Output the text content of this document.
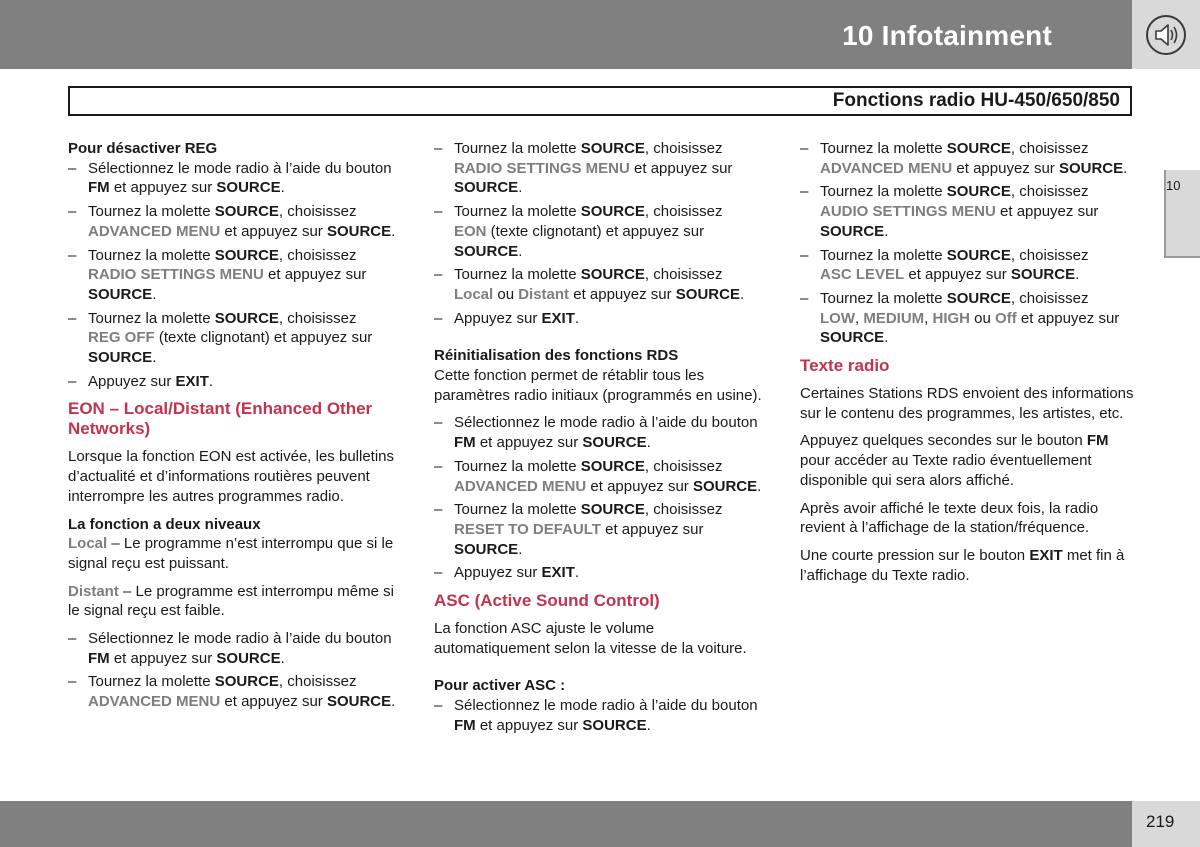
10 Infotainment
Fonctions radio HU-450/650/850
10
Pour désactiver REG
– Sélectionnez le mode radio à l’aide du bouton FM et appuyez sur SOURCE.
– Tournez la molette SOURCE, choisissez
ADVANCED MENU et appuyez sur SOURCE.
– Tournez la molette SOURCE, choisissez
RADIO SETTINGS MENU et appuyez sur SOURCE.
– Tournez la molette SOURCE, choisissez
REG OFF (texte clignotant) et appuyez sur SOURCE.
– Appuyez sur EXIT.
EON – Local/Distant (Enhanced Other Networks)
Lorsque la fonction EON est activée, les bulletins d’actualité et d’informations routières peuvent interrompre les autres programmes radio.
La fonction a deux niveaux
Local – Le programme n’est interrompu que si le signal reçu est puissant.
Distant – Le programme est interrompu même si le signal reçu est faible.
– Sélectionnez le mode radio à l’aide du bouton FM et appuyez sur SOURCE.
– Tournez la molette SOURCE, choisissez
ADVANCED MENU et appuyez sur SOURCE.
– Tournez la molette SOURCE, choisissez
RADIO SETTINGS MENU et appuyez sur SOURCE.
– Tournez la molette SOURCE, choisissez
EON (texte clignotant) et appuyez sur SOURCE.
– Tournez la molette SOURCE, choisissez
Local ou Distant et appuyez sur SOURCE.
– Appuyez sur EXIT.
Réinitialisation des fonctions RDS
Cette fonction permet de rétablir tous les paramètres radio initiaux (programmés en usine).
– Sélectionnez le mode radio à l’aide du bouton FM et appuyez sur SOURCE.
– Tournez la molette SOURCE, choisissez
ADVANCED MENU et appuyez sur SOURCE.
– Tournez la molette SOURCE, choisissez
RESET TO DEFAULT et appuyez sur SOURCE.
– Appuyez sur EXIT.
ASC (Active Sound Control)
La fonction ASC ajuste le volume automatiquement selon la vitesse de la voiture.
Pour activer ASC :
– Sélectionnez le mode radio à l’aide du bouton FM et appuyez sur SOURCE.
– Tournez la molette SOURCE, choisissez
ADVANCED MENU et appuyez sur SOURCE.
– Tournez la molette SOURCE, choisissez
AUDIO SETTINGS MENU et appuyez sur SOURCE.
– Tournez la molette SOURCE, choisissez
ASC LEVEL et appuyez sur SOURCE.
– Tournez la molette SOURCE, choisissez
LOW, MEDIUM, HIGH ou Off et appuyez sur SOURCE.
Texte radio
Certaines Stations RDS envoient des informations sur le contenu des programmes, les artistes, etc.
Appuyez quelques secondes sur le bouton FM pour accéder au Texte radio éventuellement disponible qui sera alors affiché.
Après avoir affiché le texte deux fois, la radio revient à l’affichage de la station/fréquence.
Une courte pression sur le bouton EXIT met fin à l’affichage du Texte radio.
219
